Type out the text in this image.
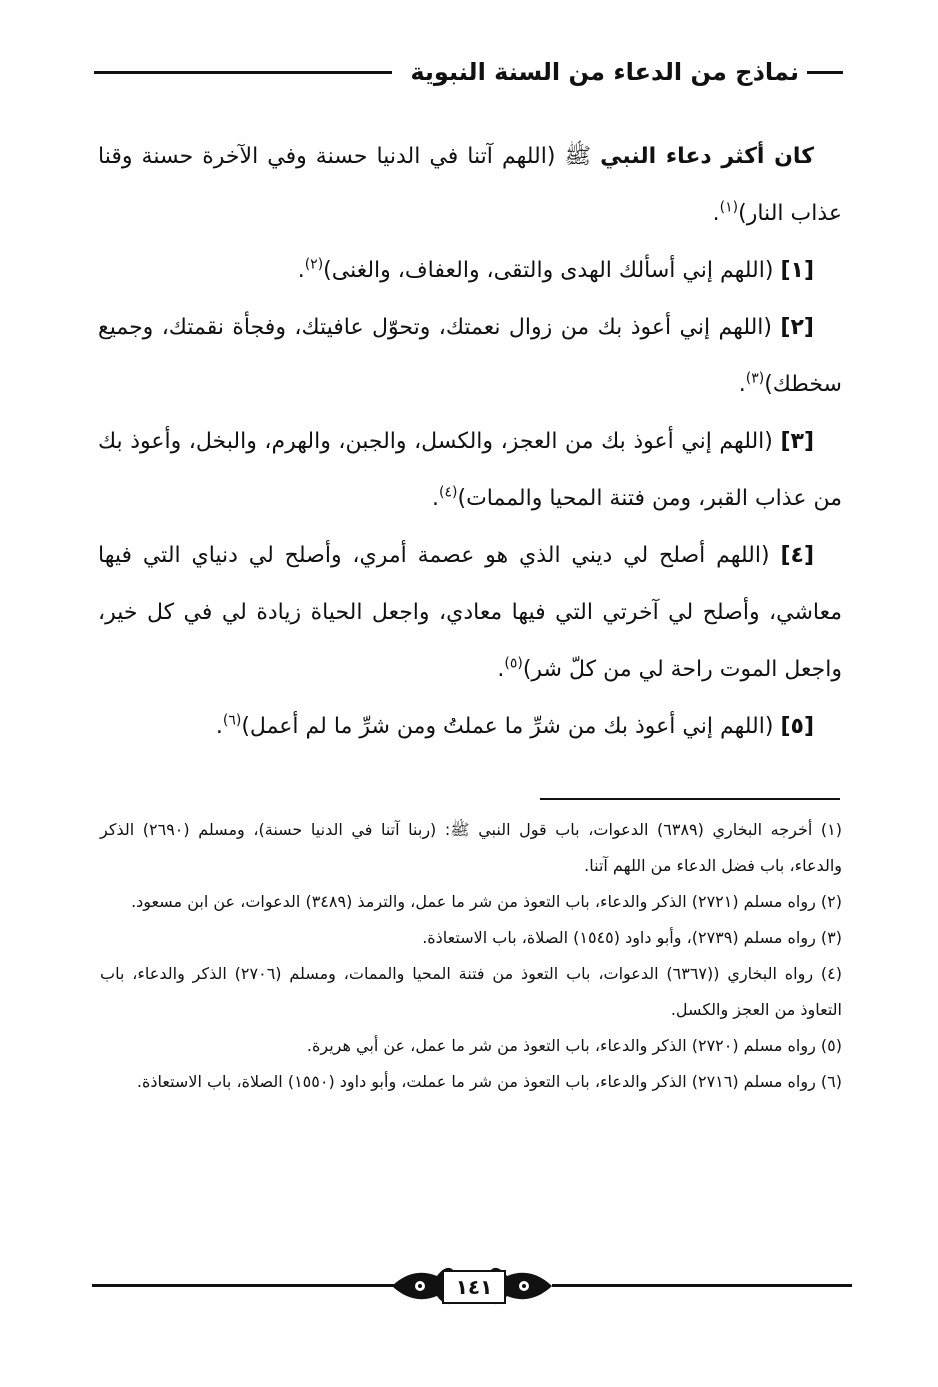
نماذج من الدعاء من السنة النبوية

كان أكثر دعاء النبي ﷺ (اللهم آتنا في الدنيا حسنة وفي الآخرة حسنة وقنا عذاب النار)$^{(١)}$.

[١] (اللهم إني أسألك الهدى والتقى، والعفاف، والغنى)$^{(٢)}$.

[٢] (اللهم إني أعوذ بك من زوال نعمتك، وتحوّل عافيتك، وفجأة نقمتك، وجميع سخطك)$^{(٣)}$.

[٣] (اللهم إني أعوذ بك من العجز، والكسل، والجبن، والهرم، والبخل، وأعوذ بك من عذاب القبر، ومن فتنة المحيا والممات)$^{(٤)}$.

[٤] (اللهم أصلح لي ديني الذي هو عصمة أمري، وأصلح لي دنياي التي فيها معاشي، وأصلح لي آخرتي التي فيها معادي، واجعل الحياة زيادة لي في كل خير، واجعل الموت راحة لي من كلّ شر)$^{(٥)}$.

[٥] (اللهم إني أعوذ بك من شرِّ ما عملتُ ومن شرِّ ما لم أعمل)$^{(٦)}$.

(١) أخرجه البخاري (٦٣٨٩) الدعوات، باب قول النبي ﷺ: (ربنا آتنا في الدنيا حسنة)، ومسلم (٢٦٩٠) الذكر والدعاء، باب فضل الدعاء من اللهم آتنا.

(٢) رواه مسلم (٢٧٢١) الذكر والدعاء، باب التعوذ من شر ما عمل، والترمذ (٣٤٨٩) الدعوات، عن ابن مسعود.

(٣) رواه مسلم (٢٧٣٩)، وأبو داود (١٥٤٥) الصلاة، باب الاستعاذة.

(٤) رواه البخاري ((٦٣٦٧) الدعوات، باب التعوذ من فتنة المحيا والممات، ومسلم (٢٧٠٦) الذكر والدعاء، باب التعاوذ من العجز والكسل.

(٥) رواه مسلم (٢٧٢٠) الذكر والدعاء، باب التعوذ من شر ما عمل، عن أبي هريرة.

(٦) رواه مسلم (٢٧١٦) الذكر والدعاء، باب التعوذ من شر ما عملت، وأبو داود (١٥٥٠) الصلاة، باب الاستعاذة.

١٤١
